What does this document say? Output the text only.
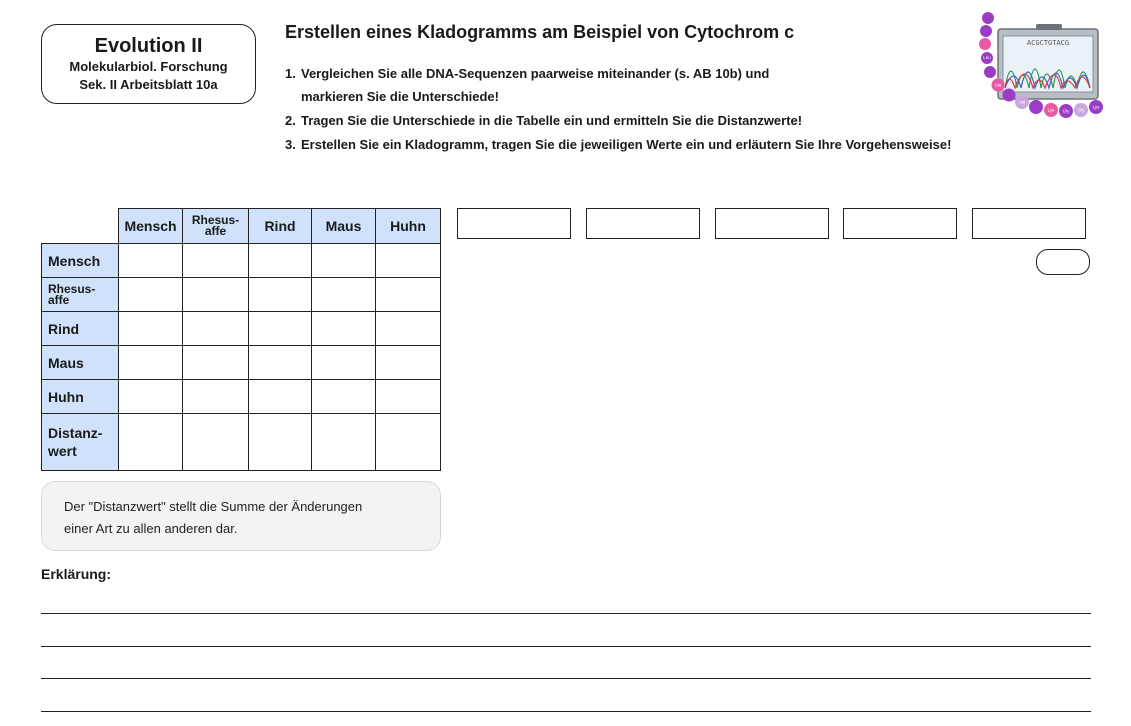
Evolution II
Molekularbiol. Forschung
Sek. II Arbeitsblatt 10a
Erstellen eines Kladogramms am Beispiel von Cytochrom c
1. Vergleichen Sie alle DNA-Sequenzen paarweise miteinander (s. AB 10b) und
markieren Sie die Unterschiede!
2. Tragen Sie die Unterschiede in die Tabelle ein und ermitteln Sie die Distanzwerte!
3. Erstellen Sie ein Kladogramm, tragen Sie die jeweiligen Werte ein und erläutern Sie Ihre Vorgehensweise!
ACGCTGTACG
Leu
Ala
Val
Lys Gly Gly
Lys
	Mensch	Rhesus-
affe	Rind	Maus	Huhn
Mensch					

Rhesus-
affe					

Rind					
Maus					
Huhn					

Distanz-
wert					

Der "Distanzwert" stellt die Summe der Änderungen
einer Art zu allen anderen dar.
Erklärung:
